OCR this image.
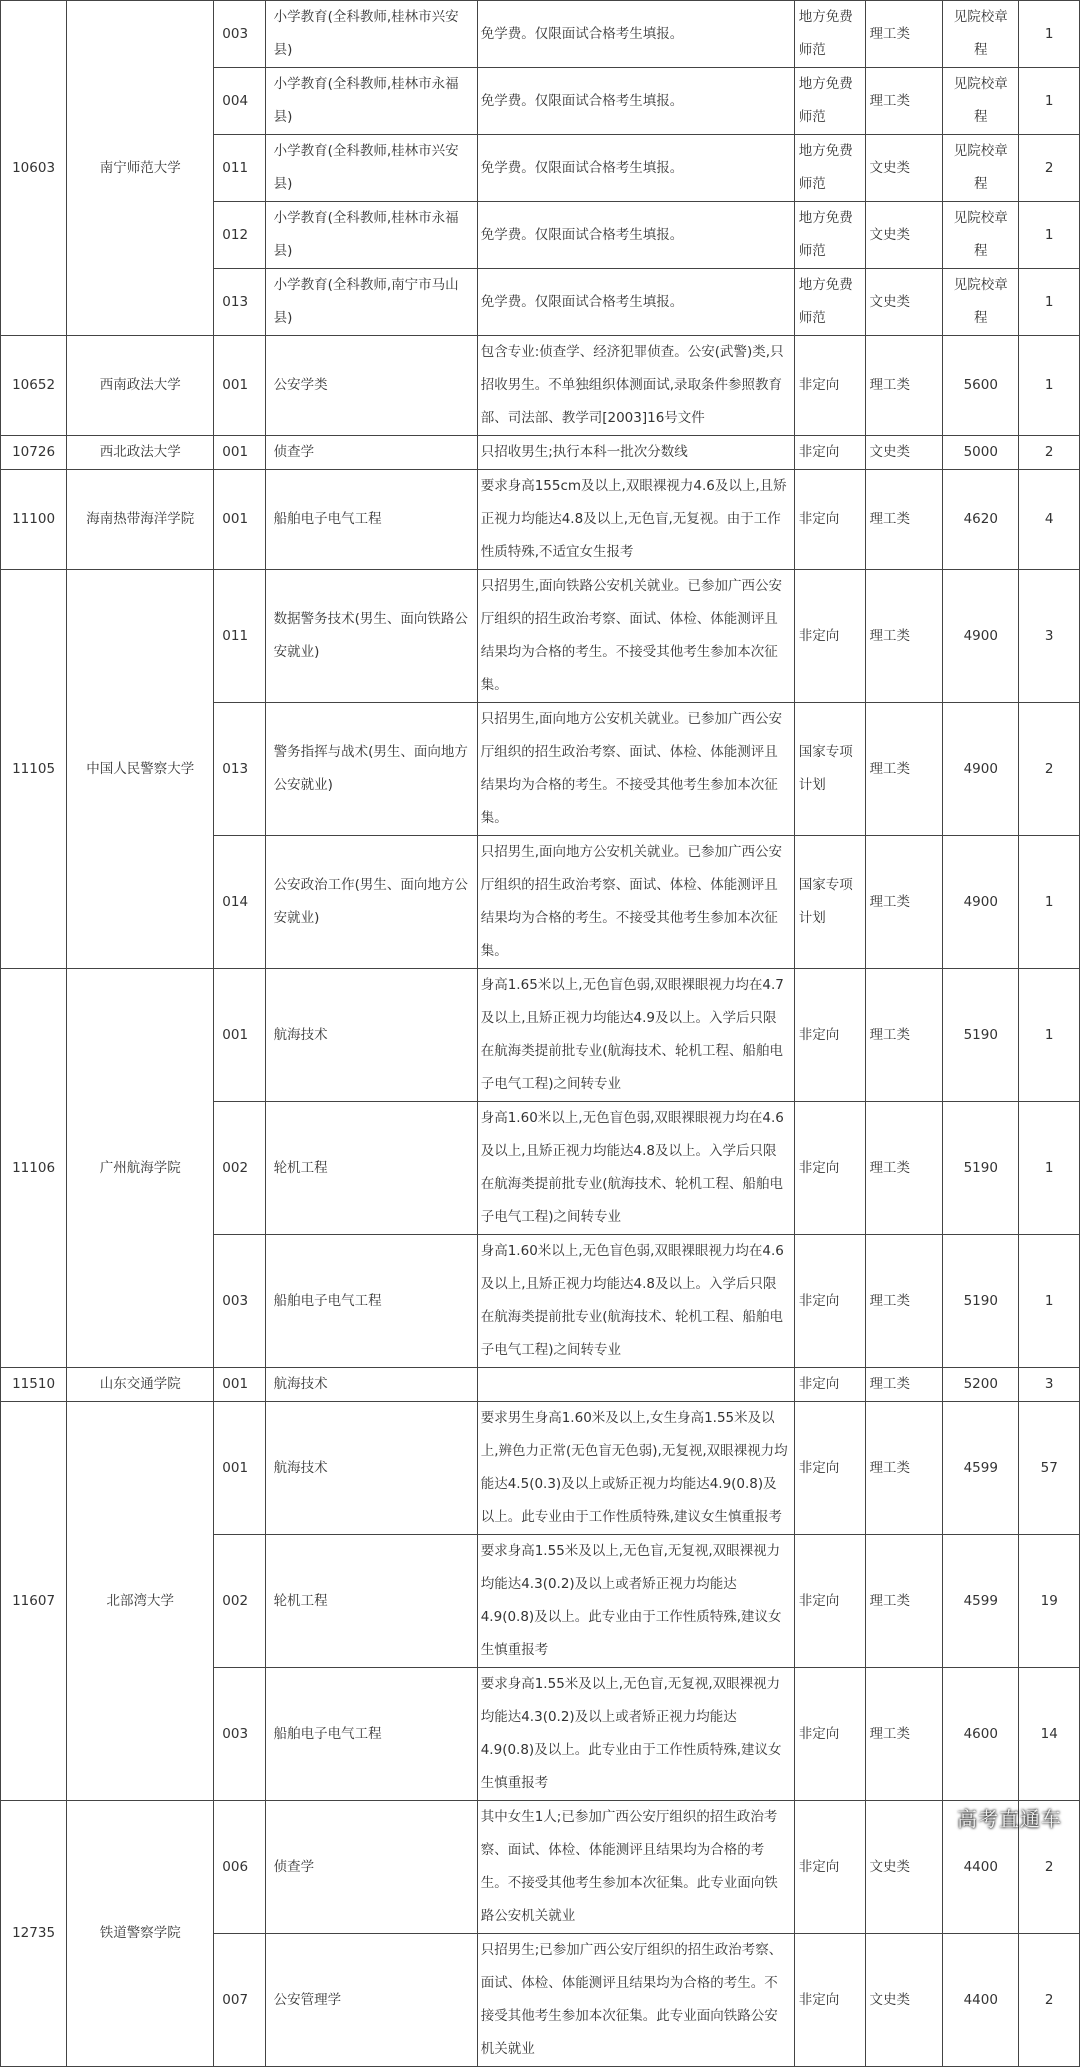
10603	南宁师范大学	003	小学教育(全科教师,桂林市兴安县)	免学费。仅限面试合格考生填报。	地方免费师范	理工类	见院校章程	1
		004	小学教育(全科教师,桂林市永福县)	免学费。仅限面试合格考生填报。	地方免费师范	理工类	见院校章程	1
		011	小学教育(全科教师,桂林市兴安县)	免学费。仅限面试合格考生填报。	地方免费师范	文史类	见院校章程	2
		012	小学教育(全科教师,桂林市永福县)	免学费。仅限面试合格考生填报。	地方免费师范	文史类	见院校章程	1
		013	小学教育(全科教师,南宁市马山县)	免学费。仅限面试合格考生填报。	地方免费师范	文史类	见院校章程	1
10652	西南政法大学	001	公安学类	包含专业:侦查学、经济犯罪侦查。公安(武警)类,只招收男生。不单独组织体测面试,录取条件参照教育部、司法部、教学司[2003]16号文件	非定向	理工类	5600	1
10726	西北政法大学	001	侦查学	只招收男生;执行本科一批次分数线	非定向	文史类	5000	2
11100	海南热带海洋学院	001	船舶电子电气工程	要求身高155cm及以上,双眼裸视力4.6及以上,且矫正视力均能达4.8及以上,无色盲,无复视。由于工作性质特殊,不适宜女生报考	非定向	理工类	4620	4
11105	中国人民警察大学	011	数据警务技术(男生、面向铁路公安就业)	只招男生,面向铁路公安机关就业。已参加广西公安厅组织的招生政治考察、面试、体检、体能测评且结果均为合格的考生。不接受其他考生参加本次征集。	非定向	理工类	4900	3
		013	警务指挥与战术(男生、面向地方公安就业)	只招男生,面向地方公安机关就业。已参加广西公安厅组织的招生政治考察、面试、体检、体能测评且结果均为合格的考生。不接受其他考生参加本次征集。	国家专项计划	理工类	4900	2
		014	公安政治工作(男生、面向地方公安就业)	只招男生,面向地方公安机关就业。已参加广西公安厅组织的招生政治考察、面试、体检、体能测评且结果均为合格的考生。不接受其他考生参加本次征集。	国家专项计划	理工类	4900	1
11106	广州航海学院	001	航海技术	身高1.65米以上,无色盲色弱,双眼裸眼视力均在4.7及以上,且矫正视力均能达4.9及以上。入学后只限在航海类提前批专业(航海技术、轮机工程、船舶电子电气工程)之间转专业	非定向	理工类	5190	1
		002	轮机工程	身高1.60米以上,无色盲色弱,双眼裸眼视力均在4.6及以上,且矫正视力均能达4.8及以上。入学后只限在航海类提前批专业(航海技术、轮机工程、船舶电子电气工程)之间转专业	非定向	理工类	5190	1
		003	船舶电子电气工程	身高1.60米以上,无色盲色弱,双眼裸眼视力均在4.6及以上,且矫正视力均能达4.8及以上。入学后只限在航海类提前批专业(航海技术、轮机工程、船舶电子电气工程)之间转专业	非定向	理工类	5190	1
11510	山东交通学院	001	航海技术		非定向	理工类	5200	3
11607	北部湾大学	001	航海技术	要求男生身高1.60米及以上,女生身高1.55米及以上,辨色力正常(无色盲无色弱),无复视,双眼裸视力均能达4.5(0.3)及以上或矫正视力均能达4.9(0.8)及以上。此专业由于工作性质特殊,建议女生慎重报考	非定向	理工类	4599	57
		002	轮机工程	要求身高1.55米及以上,无色盲,无复视,双眼裸视力均能达4.3(0.2)及以上或者矫正视力均能达4.9(0.8)及以上。此专业由于工作性质特殊,建议女生慎重报考	非定向	理工类	4599	19
		003	船舶电子电气工程	要求身高1.55米及以上,无色盲,无复视,双眼裸视力均能达4.3(0.2)及以上或者矫正视力均能达4.9(0.8)及以上。此专业由于工作性质特殊,建议女生慎重报考	非定向	理工类	4600	14
12735	铁道警察学院	006	侦查学	其中女生1人;已参加广西公安厅组织的招生政治考察、面试、体检、体能测评且结果均为合格的考生。不接受其他考生参加本次征集。此专业面向铁路公安机关就业	非定向	文史类	4400	2
		007	公安管理学	只招男生;已参加广西公安厅组织的招生政治考察、面试、体检、体能测评且结果均为合格的考生。不接受其他考生参加本次征集。此专业面向铁路公安机关就业	非定向	文史类	4400	2
高考直通车
